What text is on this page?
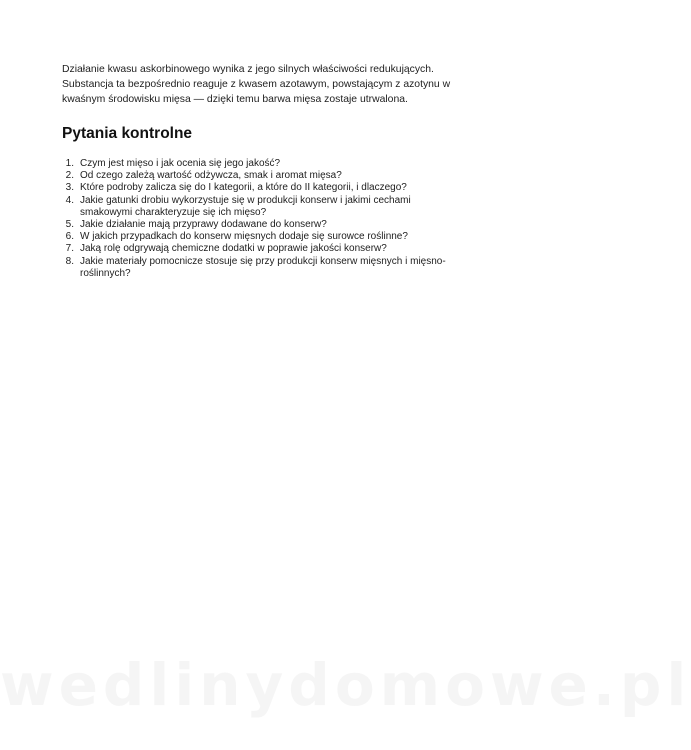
Działanie kwasu askorbinowego wynika z jego silnych właściwości redukujących. Substancja ta bezpośrednio reaguje z kwasem azotawym, powstającym z azotynu w kwaśnym środowisku mięsa — dzięki temu barwa mięsa zostaje utrwalona.

Pytania kontrolne
1. Czym jest mięso i jak ocenia się jego jakość?
2. Od czego zależą wartość odżywcza, smak i aromat mięsa?
3. Które podroby zalicza się do I kategorii, a które do II kategorii, i dlaczego?
4. Jakie gatunki drobiu wykorzystuje się w produkcji konserw i jakimi cechami smakowymi charakteryzuje się ich mięso?
5. Jakie działanie mają przyprawy dodawane do konserw?
6. W jakich przypadkach do konserw mięsnych dodaje się surowce roślinne?
7. Jaką rolę odgrywają chemiczne dodatki w poprawie jakości konserw?
8. Jakie materiały pomocnicze stosuje się przy produkcji konserw mięsnych i mięsno-roślinnych?
wedlinydomowe.pl
